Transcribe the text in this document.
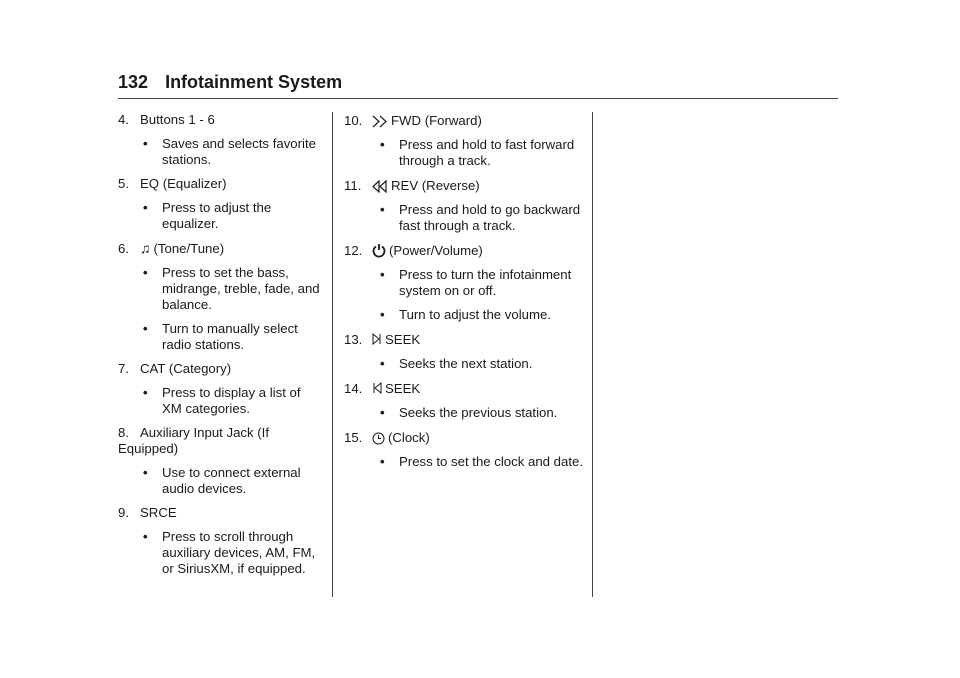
132 Infotainment System
4. Buttons 1 - 6
• Saves and selects favorite stations.
5. EQ (Equalizer)
• Press to adjust the equalizer.
6. ♫ (Tone/Tune)
• Press to set the bass, midrange, treble, fade, and balance.
• Turn to manually select radio stations.
7. CAT (Category)
• Press to display a list of XM categories.
8. Auxiliary Input Jack (If Equipped)
• Use to connect external audio devices.
9. SRCE
• Press to scroll through auxiliary devices, AM, FM, or SiriusXM, if equipped.
10. FWD (Forward)
• Press and hold to fast forward through a track.
11. REV (Reverse)
• Press and hold to go backward fast through a track.
12. (Power/Volume)
• Press to turn the infotainment system on or off.
• Turn to adjust the volume.
13. SEEK
• Seeks the next station.
14. SEEK
• Seeks the previous station.
15. (Clock)
• Press to set the clock and date.
